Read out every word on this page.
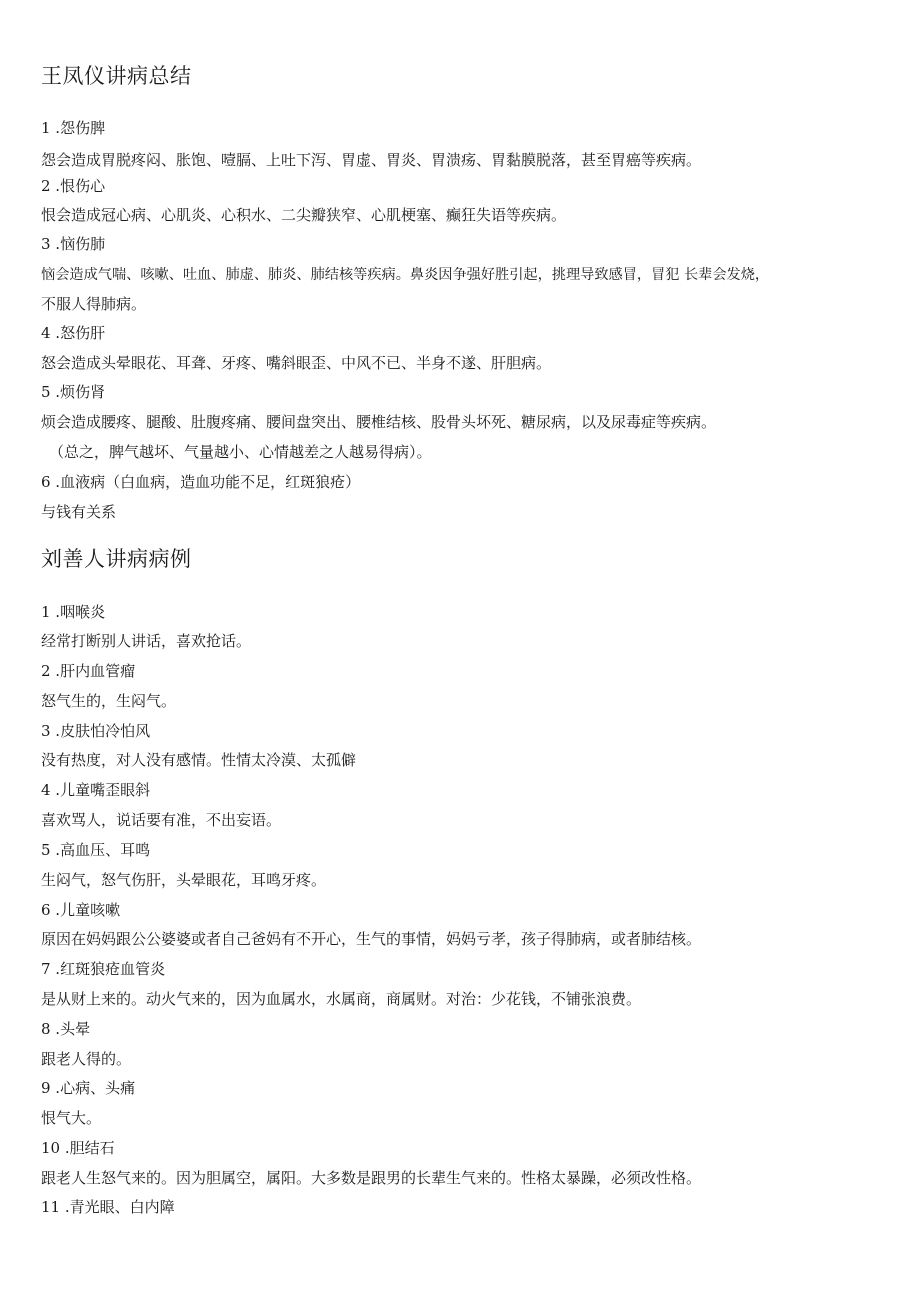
王凤仪讲病总结
1 .怨伤脾
怨会造成胃脱疼闷、胀饱、噎膈、上吐下泻、胃虚、胃炎、胃溃疡、胃黏膜脱落，甚至胃癌等疾病。
2 .恨伤心
恨会造成冠心病、心肌炎、心积水、二尖瓣狭窄、心肌梗塞、癫狂失语等疾病。
3 .恼伤肺
恼会造成气喘、咳嗽、吐血、肺虚、肺炎、肺结核等疾病。鼻炎因争强好胜引起，挑理导致感冒，冒犯 长辈会发烧，
不服人得肺病。
4 .怒伤肝
怒会造成头晕眼花、耳聋、牙疼、嘴斜眼歪、中风不已、半身不遂、肝胆病。
5 .烦伤肾
烦会造成腰疼、腿酸、肚腹疼痛、腰间盘突出、腰椎结核、股骨头坏死、糖尿病，以及尿毒症等疾病。
（总之，脾气越坏、气量越小、心情越差之人越易得病）。
6 .血液病（白血病，造血功能不足，红斑狼疮）
与钱有关系
刘善人讲病病例
1 .咽喉炎
经常打断别人讲话，喜欢抢话。
2 .肝内血管瘤
怒气生的，生闷气。
3 .皮肤怕冷怕风
没有热度，对人没有感情。性情太冷漠、太孤僻
4 .儿童嘴歪眼斜
喜欢骂人，说话要有准，不出妄语。
5 .高血压、耳鸣
生闷气，怒气伤肝，头晕眼花，耳鸣牙疼。
6 .儿童咳嗽
原因在妈妈跟公公婆婆或者自己爸妈有不开心，生气的事情，妈妈亏孝，孩子得肺病，或者肺结核。
7 .红斑狼疮血管炎
是从财上来的。动火气来的，因为血属水，水属商，商属财。对治：少花钱，不铺张浪费。
8 .头晕
跟老人得的。
9 .心病、头痛
恨气大。
10 .胆结石
跟老人生怒气来的。因为胆属空，属阳。大多数是跟男的长辈生气来的。性格太暴躁，必须改性格。
11 .青光眼、白内障
